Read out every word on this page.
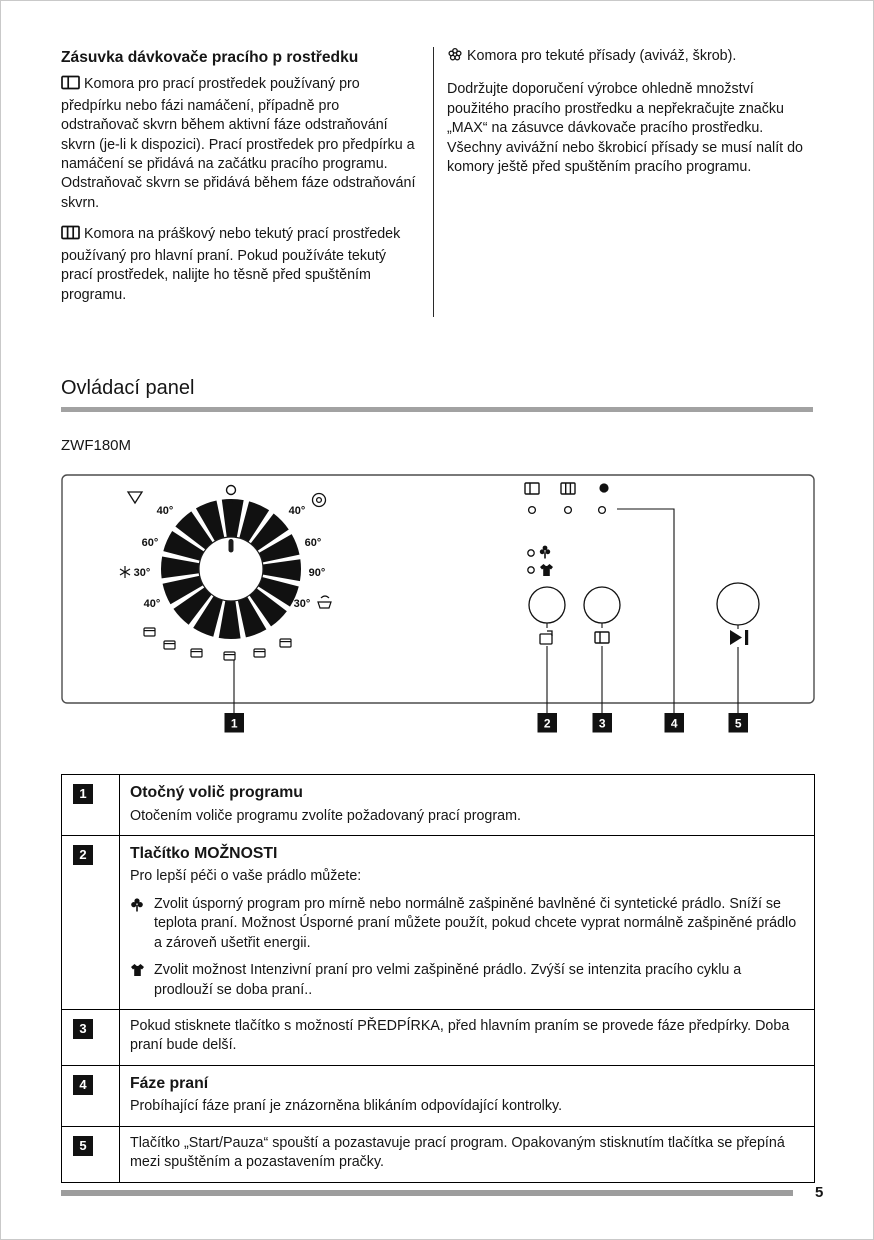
Zásuvka dávkovače pracího p rostředku
Komora pro prací prostředek používaný pro předpírku nebo fázi namáčení, případně pro odstraňovač skvrn během aktivní fáze odstraňování skvrn (je-li k dispozici). Prací prostředek pro předpírku a namáčení se přidává na začátku pracího programu. Odstraňovač skvrn se přidává během fáze odstraňování skvrn.
Komora na práškový nebo tekutý prací prostředek používaný pro hlavní praní. Pokud používáte tekutý prací prostředek, nalijte ho těsně před spuštěním programu.
Komora pro tekuté přísady (aviváž, škrob).
Dodržujte doporučení výrobce ohledně množství použitého pracího prostředku a nepřekračujte značku „MAX“ na zásuvce dávkovače pracího prostředku. Všechny avivážní nebo škrobicí přísady se musí nalít do komory ještě před spuštěním pracího programu.
Ovládací panel
ZWF180M
40°
60°
30°
40°
40°
60°
90°
30°
1	2	3	4	5
1	Otočný volič programu
Otočením voliče programu zvolíte požadovaný prací program.

2	Tlačítko MOŽNOSTI
Pro lepší péči o vaše prádlo můžete:
Zvolit úsporný program pro mírně nebo normálně zašpiněné bavlněné či syntetické prádlo. Sníží se teplota praní. Možnost Úsporné praní můžete použít, pokud chcete vyprat normálně zašpiněné prádlo a zároveň ušetřit energii.
Zvolit možnost Intenzivní praní pro velmi zašpiněné prádlo. Zvýší se intenzita pracího cyklu a prodlouží se doba praní..

3	Pokud stisknete tlačítko s možností PŘEDPÍRKA, před hlavním praním se provede fáze předpírky. Doba praní bude delší.

4	Fáze praní
Probíhající fáze praní je znázorněna blikáním odpovídající kontrolky.

5	Tlačítko „Start/Pauza“ spouští a pozastavuje prací program. Opakovaným stisknutím tlačítka se přepíná mezi spuštěním a pozastavením pračky.
5
